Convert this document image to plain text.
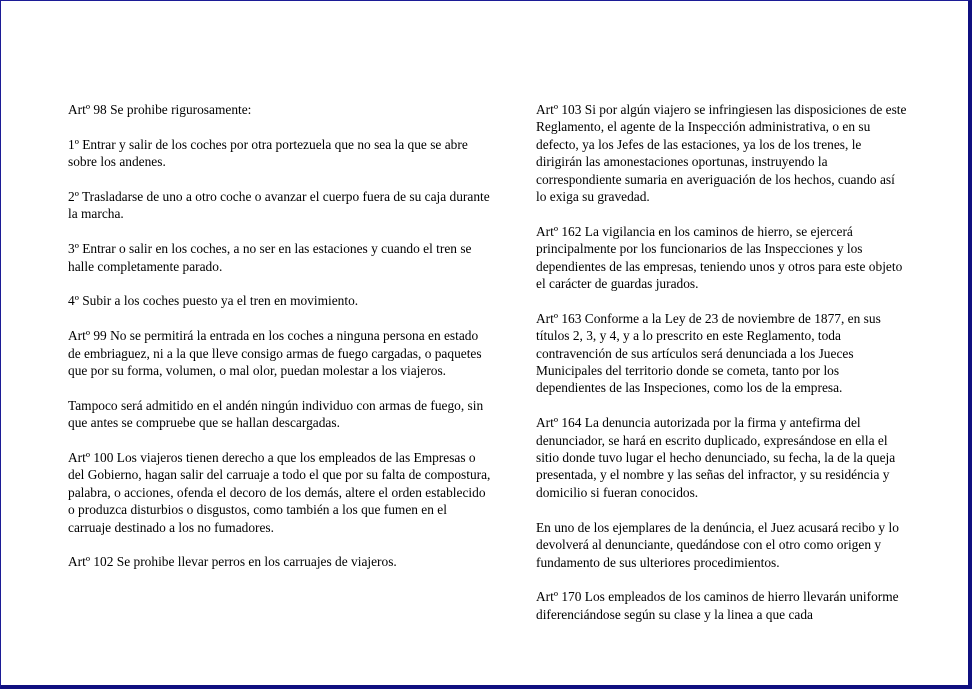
Artº 98 Se prohibe rigurosamente:

1º Entrar y salir de los coches por otra portezuela que no sea la que se abre sobre los andenes.

2º Trasladarse de uno a otro coche o avanzar el cuerpo fuera de su caja durante la marcha.

3º Entrar o salir en los coches, a no ser en las estaciones y cuando el tren se halle completamente parado.

4º Subir a los coches puesto ya el tren en movimiento.

Artº 99 No se permitirá la entrada en los coches a ninguna persona en estado de embriaguez, ni a la que lleve consigo armas de fuego cargadas, o paquetes que por su forma, volumen, o mal olor, puedan molestar a los viajeros.

Tampoco será admitido en el andén ningún individuo con armas de fuego, sin que antes se compruebe que se hallan descargadas.

Artº 100 Los viajeros tienen derecho a que los empleados de las Empresas o del Gobierno, hagan salir del carruaje a todo el que por su falta de compostura, palabra, o acciones, ofenda el decoro de los demás, altere el orden establecido o produzca disturbios o disgustos, como también a los que fumen en el carruaje destinado a los no fumadores.

Artº 102 Se prohibe llevar perros en los carruajes de viajeros.

Artº 103 Si por algún viajero se infringiesen las disposiciones de este Reglamento, el agente de la Inspección administrativa, o en su defecto, ya los Jefes de las estaciones, ya los de los trenes, le dirigirán las amonestaciones oportunas, instruyendo la correspondiente sumaria en averiguación de los hechos, cuando así lo exiga su gravedad.

Artº 162 La vigilancia en los caminos de hierro, se ejercerá principalmente por los funcionarios de las Inspecciones y los dependientes de las empresas, teniendo unos y otros para este objeto el carácter de guardas jurados.

Artº 163 Conforme a la Ley de 23 de noviembre de 1877, en sus títulos 2, 3, y 4, y a lo prescrito en este Reglamento, toda contravención de sus artículos será denunciada a los Jueces Municipales del territorio donde se cometa, tanto por los dependientes de las Inspeciones, como los de la empresa.

Artº 164 La denuncia autorizada por la firma y antefirma del denunciador, se hará en escrito duplicado, expresándose en ella el sitio donde tuvo lugar el hecho denunciado, su fecha, la de la queja presentada, y el nombre y las señas del infractor, y su residéncia y domicilio si fueran conocidos.

En uno de los ejemplares de la denúncia, el Juez acusará recibo y lo devolverá al denunciante, quedándose con el otro como origen y fundamento de sus ulteriores procedimientos.

Artº 170 Los empleados de los caminos de hierro llevarán uniforme diferenciándose según su clase y la linea a que cada
